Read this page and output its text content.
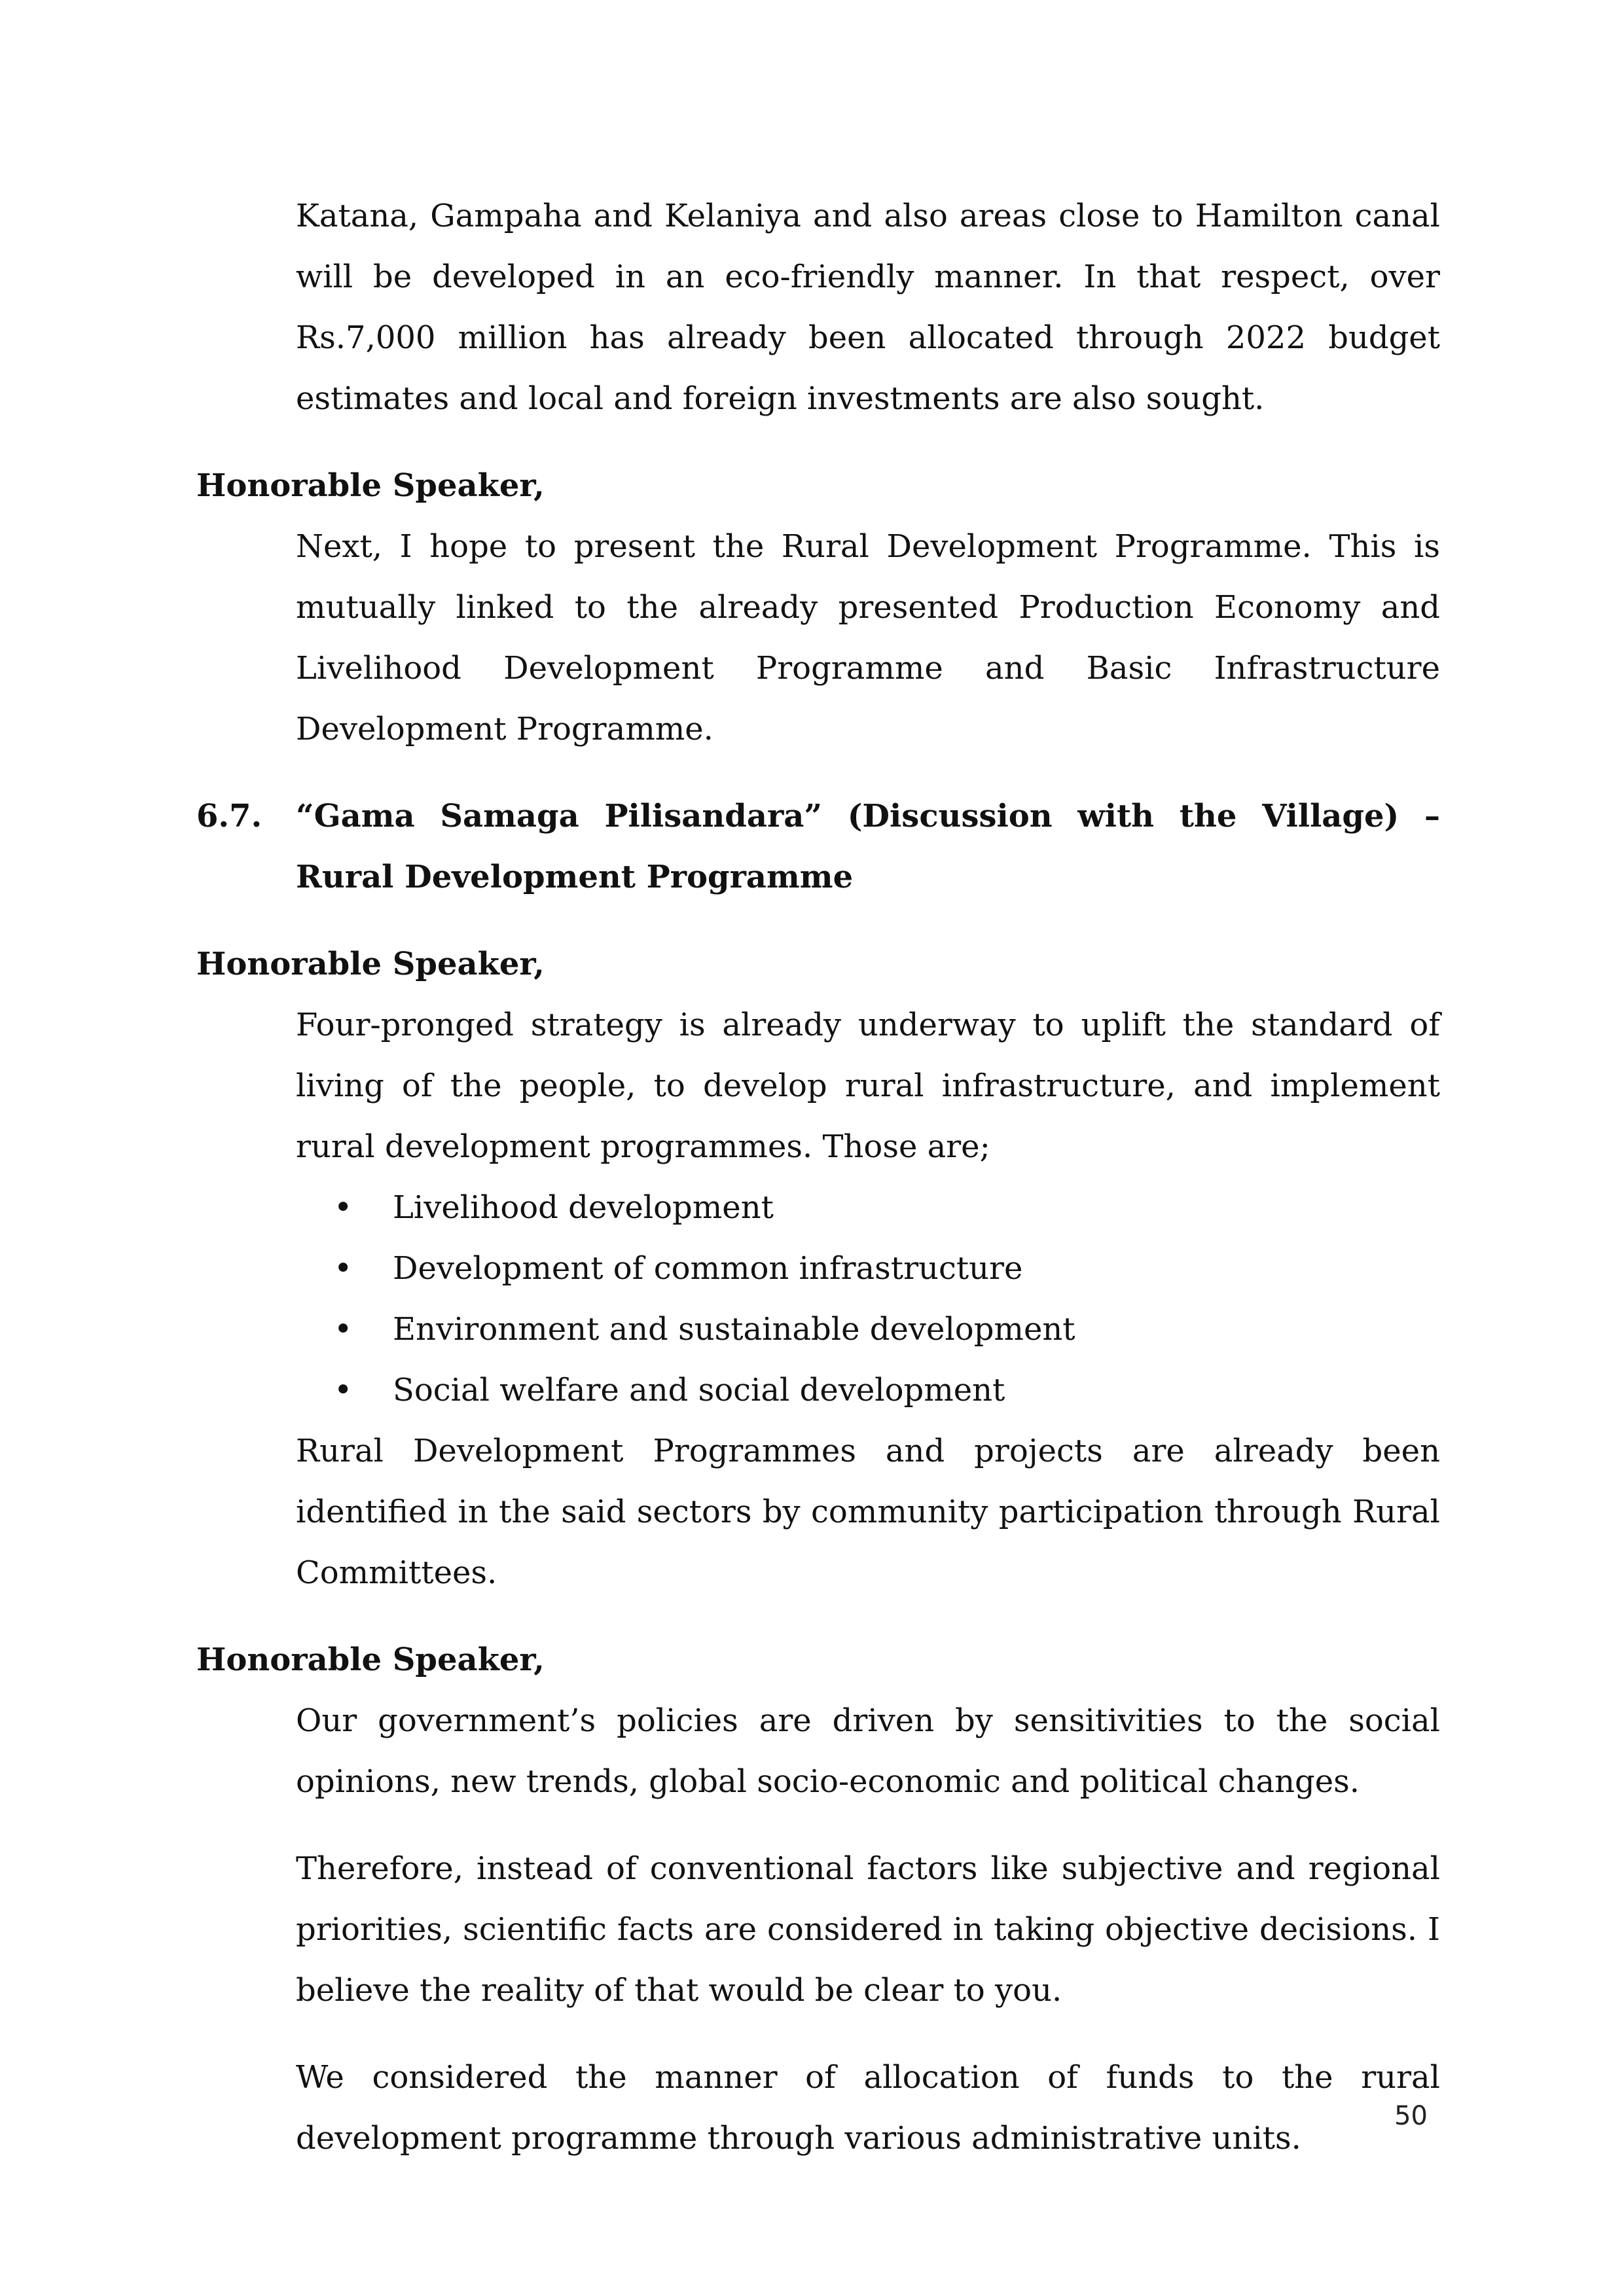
Katana, Gampaha and Kelaniya and also areas close to Hamilton canal will be developed in an eco-friendly manner. In that respect, over Rs.7,000 million has already been allocated through 2022 budget estimates and local and foreign investments are also sought.

Honorable Speaker,

Next, I hope to present the Rural Development Programme. This is mutually linked to the already presented Production Economy and Livelihood Development Programme and Basic Infrastructure Development Programme.

6.7.	“Gama Samaga Pilisandara” (Discussion with the Village) – Rural Development Programme

Honorable Speaker,

Four-pronged strategy is already underway to uplift the standard of living of the people, to develop rural infrastructure, and implement rural development programmes. Those are;

•	Livelihood development
•	Development of common infrastructure
•	Environment and sustainable development
•	Social welfare and social development

Rural Development Programmes and projects are already been identified in the said sectors by community participation through Rural Committees.

Honorable Speaker,

Our government’s policies are driven by sensitivities to the social opinions, new trends, global socio-economic and political changes.

Therefore, instead of conventional factors like subjective and regional priorities, scientific facts are considered in taking objective decisions. I believe the reality of that would be clear to you.

We considered the manner of allocation of funds to the rural development programme through various administrative units.

50
